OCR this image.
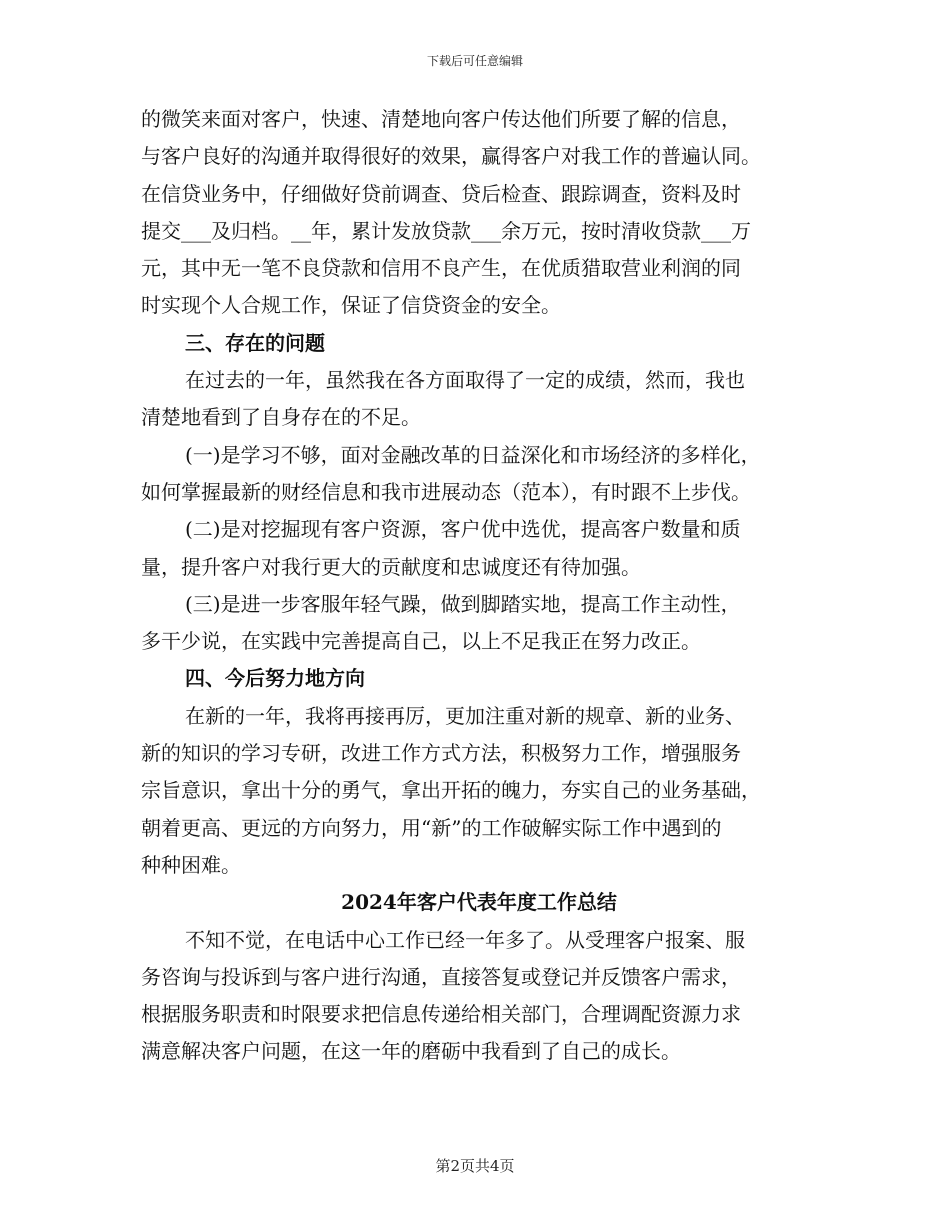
下载后可任意编辑
的微笑来面对客户，快速、清楚地向客户传达他们所要了解的信息，
与客户良好的沟通并取得很好的效果，赢得客户对我工作的普遍认同。
在信贷业务中，仔细做好贷前调查、贷后检查、跟踪调查，资料及时
提交___及归档。__年，累计发放贷款___余万元，按时清收贷款___万
元，其中无一笔不良贷款和信用不良产生，在优质猎取营业利润的同
时实现个人合规工作，保证了信贷资金的安全。
三、存在的问题
在过去的一年，虽然我在各方面取得了一定的成绩，然而，我也
清楚地看到了自身存在的不足。
(一)是学习不够，面对金融改革的日益深化和市场经济的多样化，
如何掌握最新的财经信息和我市进展动态（范本），有时跟不上步伐。
(二)是对挖掘现有客户资源，客户优中选优，提高客户数量和质
量，提升客户对我行更大的贡献度和忠诚度还有待加强。
(三)是进一步客服年轻气躁，做到脚踏实地，提高工作主动性，
多干少说，在实践中完善提高自己，以上不足我正在努力改正。
四、今后努力地方向
在新的一年，我将再接再厉，更加注重对新的规章、新的业务、
新的知识的学习专研，改进工作方式方法，积极努力工作，增强服务
宗旨意识，拿出十分的勇气，拿出开拓的魄力，夯实自己的业务基础，
朝着更高、更远的方向努力，用“新”的工作破解实际工作中遇到的
种种困难。
2024年客户代表年度工作总结
不知不觉，在电话中心工作已经一年多了。从受理客户报案、服
务咨询与投诉到与客户进行沟通，直接答复或登记并反馈客户需求，
根据服务职责和时限要求把信息传递给相关部门，合理调配资源力求
满意解决客户问题，在这一年的磨砺中我看到了自己的成长。
第2页共4页
